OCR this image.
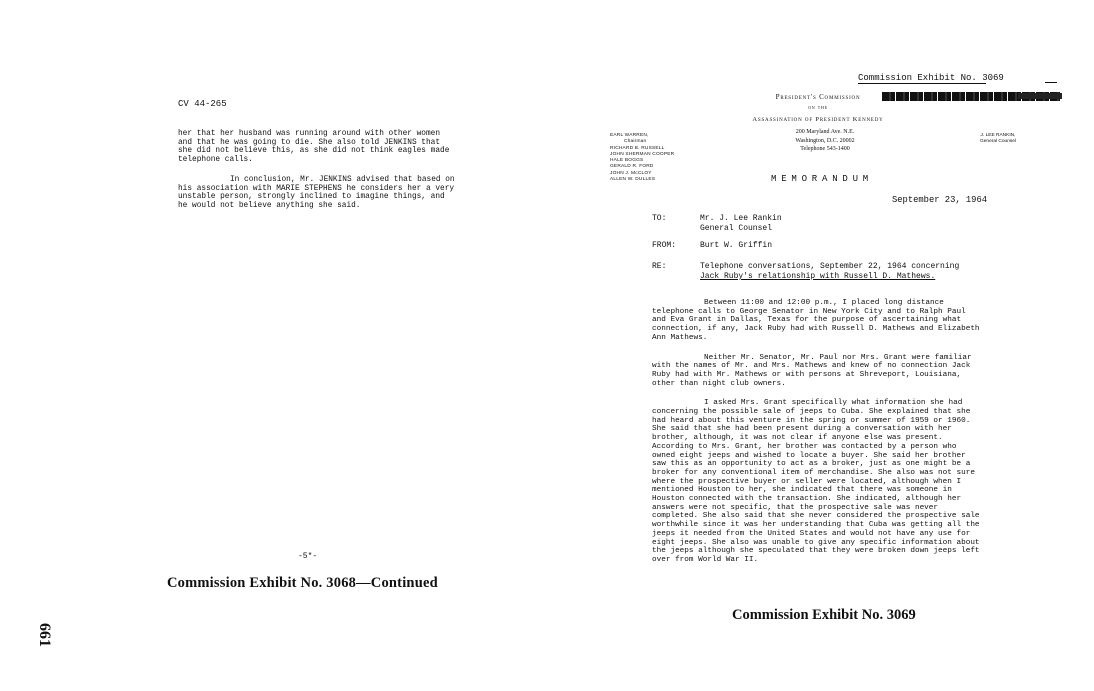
CV 44-265

her that her husband was running around with other women and that he was going to die. She also told JENKINS that she did not believe this, as she did not think eagles made telephone calls.

In conclusion, Mr. JENKINS advised that based on his association with MARIE STEPHENS he considers her a very unstable person, strongly inclined to imagine things, and he would not believe anything she said.

-5*-
Commission Exhibit No. 3068—Continued
661
Commission Exhibit No. 3069
President's Commission
on the
Assassination of President Kennedy
200 Maryland Ave. N.E.
Washington, D.C. 20002
Telephone 543-1400
EARL WARREN,
Chairman
RICHARD B. RUSSELL
JOHN SHERMAN COOPER
HALE BOGGS
GERALD R. FORD
JOHN J. McCLOY
ALLEN W. DULLES
J. LEE RANKIN,
General Counsel
MEMORANDUM
September 23, 1964
TO:	Mr. J. Lee Rankin
General Counsel
FROM:	Burt W. Griffin
RE:	Telephone conversations, September 22, 1964 concerning
Jack Ruby's relationship with Russell D. Mathews.

Between 11:00 and 12:00 p.m., I placed long distance telephone calls to George Senator in New York City and to Ralph Paul and Eva Grant in Dallas, Texas for the purpose of ascertaining what connection, if any, Jack Ruby had with Russell D. Mathews and Elizabeth Ann Mathews.

Neither Mr. Senator, Mr. Paul nor Mrs. Grant were familiar with the names of Mr. and Mrs. Mathews and knew of no connection Jack Ruby had with Mr. Mathews or with persons at Shreveport, Louisiana, other than night club owners.

I asked Mrs. Grant specifically what information she had concerning the possible sale of jeeps to Cuba. She explained that she had heard about this venture in the spring or summer of 1959 or 1960. She said that she had been present during a conversation with her brother, although, it was not clear if anyone else was present. According to Mrs. Grant, her brother was contacted by a person who owned eight jeeps and wished to locate a buyer. She said her brother saw this as an opportunity to act as a broker, just as one might be a broker for any conventional item of merchandise. She also was not sure where the prospective buyer or seller were located, although when I mentioned Houston to her, she indicated that there was someone in Houston connected with the transaction. She indicated, although her answers were not specific, that the prospective sale was never completed. She also said that she never considered the prospective sale worthwhile since it was her understanding that Cuba was getting all the jeeps it needed from the United States and would not have any use for eight jeeps. She also was unable to give any specific information about the jeeps although she speculated that they were broken down jeeps left over from World War II.

Commission Exhibit No. 3069
